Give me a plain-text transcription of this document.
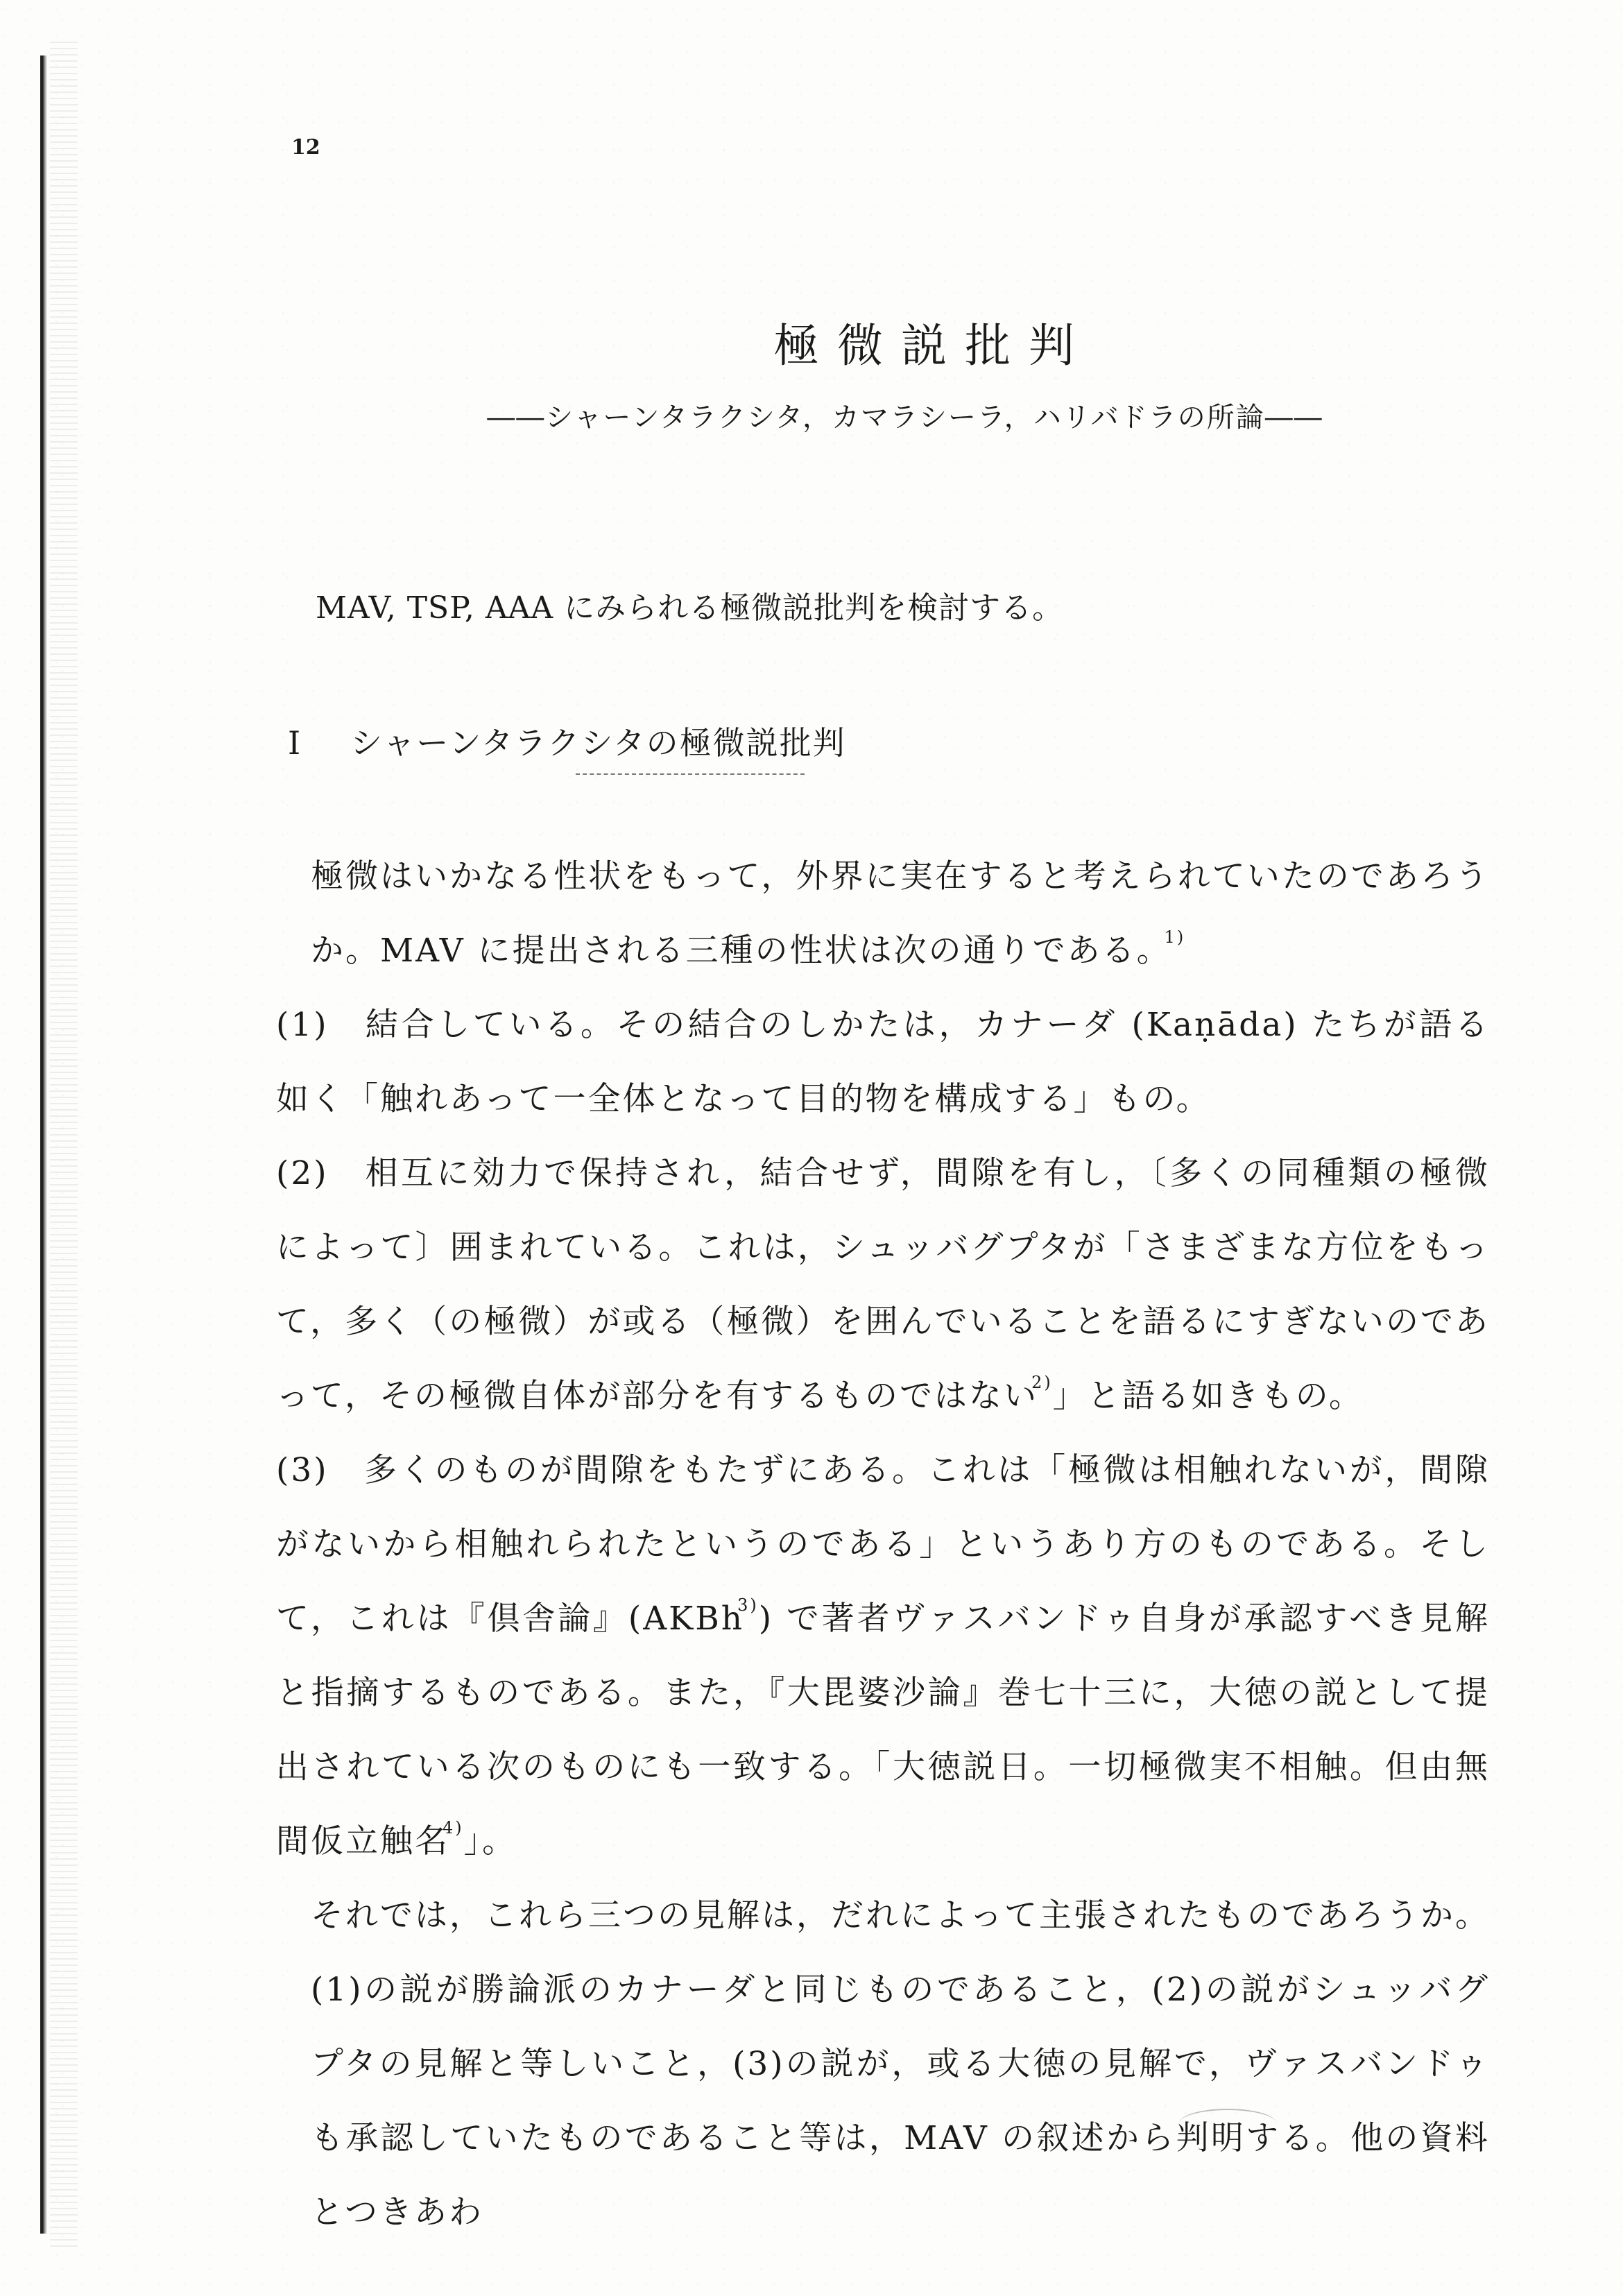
12
極微説批判
――シャーンタラクシタ，カマラシーラ，ハリバドラの所論――
MAV, TSP, AAA にみられる極微説批判を検討する。
I シャーンタラクシタの極微説批判

極微はいかなる性状をもって，外界に実在すると考えられていたのであろうか。MAV に提出される三種の性状は次の通りである。$^{1)}$

(1)　結合している。その結合のしかたは，カナーダ (Kaṇāda) たちが語る如く「触れあって一全体となって目的物を構成する」もの。

(2)　相互に効力で保持され，結合せず，間隙を有し，〔多くの同種類の極微によって〕囲まれている。これは，シュッバグプタが「さまざまな方位をもって，多く（の極微）が或る（極微）を囲んでいることを語るにすぎないのであって，その極微自体が部分を有するものではない$^{2)}$」と語る如きもの。

(3)　多くのものが間隙をもたずにある。これは「極微は相触れないが，間隙がないから相触れられたというのである」というあり方のものである。そして，これは『倶舎論』(AKBh$^{3)}$) で著者ヴァスバンドゥ自身が承認すべき見解と指摘するものである。また，『大毘婆沙論』巻七十三に，大徳の説として提出されている次のものにも一致する。「大徳説日。一切極微実不相触。但由無間仮立触名$^{4)}$」。

それでは，これら三つの見解は，だれによって主張されたものであろうか。(1)の説が勝論派のカナーダと同じものであること，(2)の説がシュッバグプタの見解と等しいこと，(3)の説が，或る大徳の見解で，ヴァスバンドゥも承認していたものであること等は，MAV の叙述から判明する。他の資料とつきあわ
